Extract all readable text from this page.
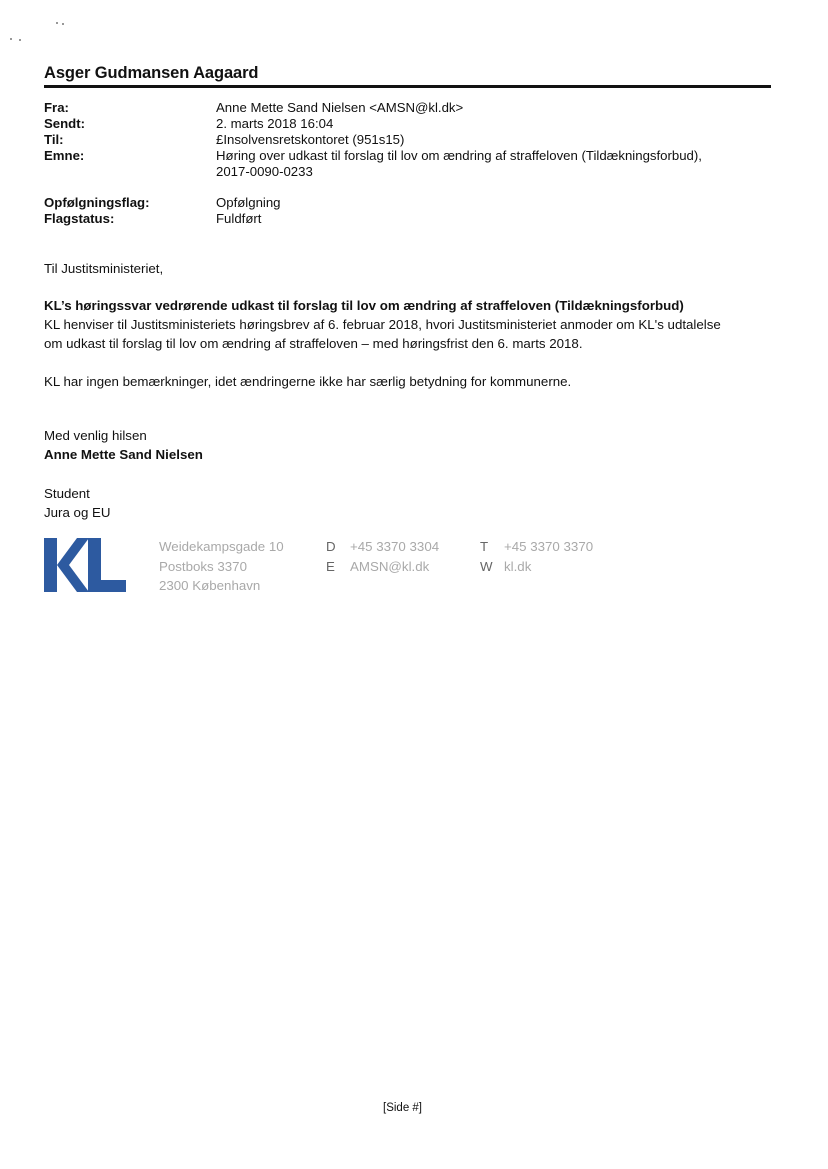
Asger Gudmansen Aagaard
Fra:	Anne Mette Sand Nielsen <AMSN@kl.dk>
Sendt:	2. marts 2018 16:04
Til:	£Insolvensretskontoret (951s15)
Emne:	Høring over udkast til forslag til lov om ændring af straffeloven (Tildækningsforbud),
2017-0090-0233
Opfølgningsflag:	Opfølgning
Flagstatus:	Fuldført
Til Justitsministeriet,
KL’s høringssvar vedrørende udkast til forslag til lov om ændring af straffeloven (Tildækningsforbud)
KL henviser til Justitsministeriets høringsbrev af 6. februar 2018, hvori Justitsministeriet anmoder om KL's udtalelse
om udkast til forslag til lov om ændring af straffeloven – med høringsfrist den 6. marts 2018.
KL har ingen bemærkninger, idet ændringerne ikke har særlig betydning for kommunerne.
Med venlig hilsen
Anne Mette Sand Nielsen
Student
Jura og EU
Weidekampsgade 10
Postboks 3370
2300 København
D +45 3370 3304
E AMSN@kl.dk
T +45 3370 3370
W kl.dk
[Side #]
